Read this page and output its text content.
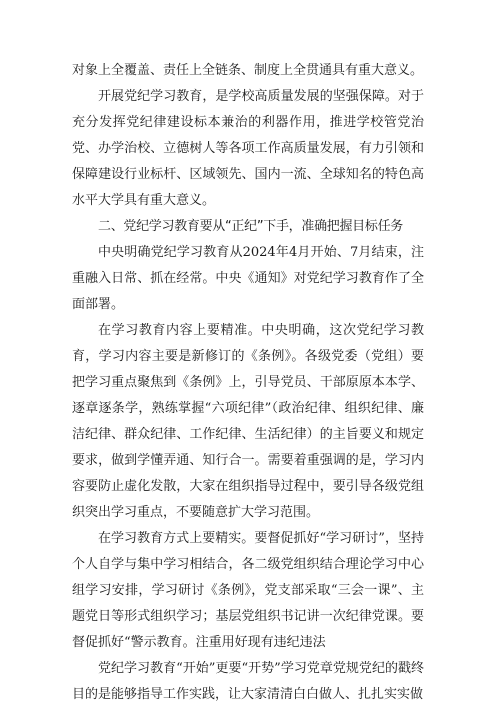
对象上全覆盖、责任上全链条、制度上全贯通具有重大意义。

开展党纪学习教育，是学校高质量发展的坚强保障。对于充分发挥党纪律建设标本兼治的利器作用，推进学校管党治党、办学治校、立德树人等各项工作高质量发展，有力引领和保障建设行业标杆、区域领先、国内一流、全球知名的特色高水平大学具有重大意义。

二、党纪学习教育要从“正纪”下手，准确把握目标任务

中央明确党纪学习教育从2024年4月开始、7月结束，注重融入日常、抓在经常。中央《通知》对党纪学习教育作了全面部署。

在学习教育内容上要精准。中央明确，这次党纪学习教育，学习内容主要是新修订的《条例》。各级党委（党组）要把学习重点聚焦到《条例》上，引导党员、干部原原本本学、逐章逐条学，熟练掌握“六项纪律”（政治纪律、组织纪律、廉洁纪律、群众纪律、工作纪律、生活纪律）的主旨要义和规定要求，做到学懂弄通、知行合一。需要着重强调的是，学习内容要防止虚化发散，大家在组织指导过程中，要引导各级党组织突出学习重点，不要随意扩大学习范围。

在学习教育方式上要精实。要督促抓好“学习研讨”，坚持个人自学与集中学习相结合，各二级党组织结合理论学习中心组学习安排，学习研讨《条例》，党支部采取“三会一课”、主题党日等形式组织学习；基层党组织书记讲一次纪律党课。要督促抓好“警示教育。注重用好现有违纪违法

党纪学习教育“开始”更要“开势”学习党章党规党纪的戳终目的是能够指导工作实践，让大家清清白白做人、扎扎实实做
